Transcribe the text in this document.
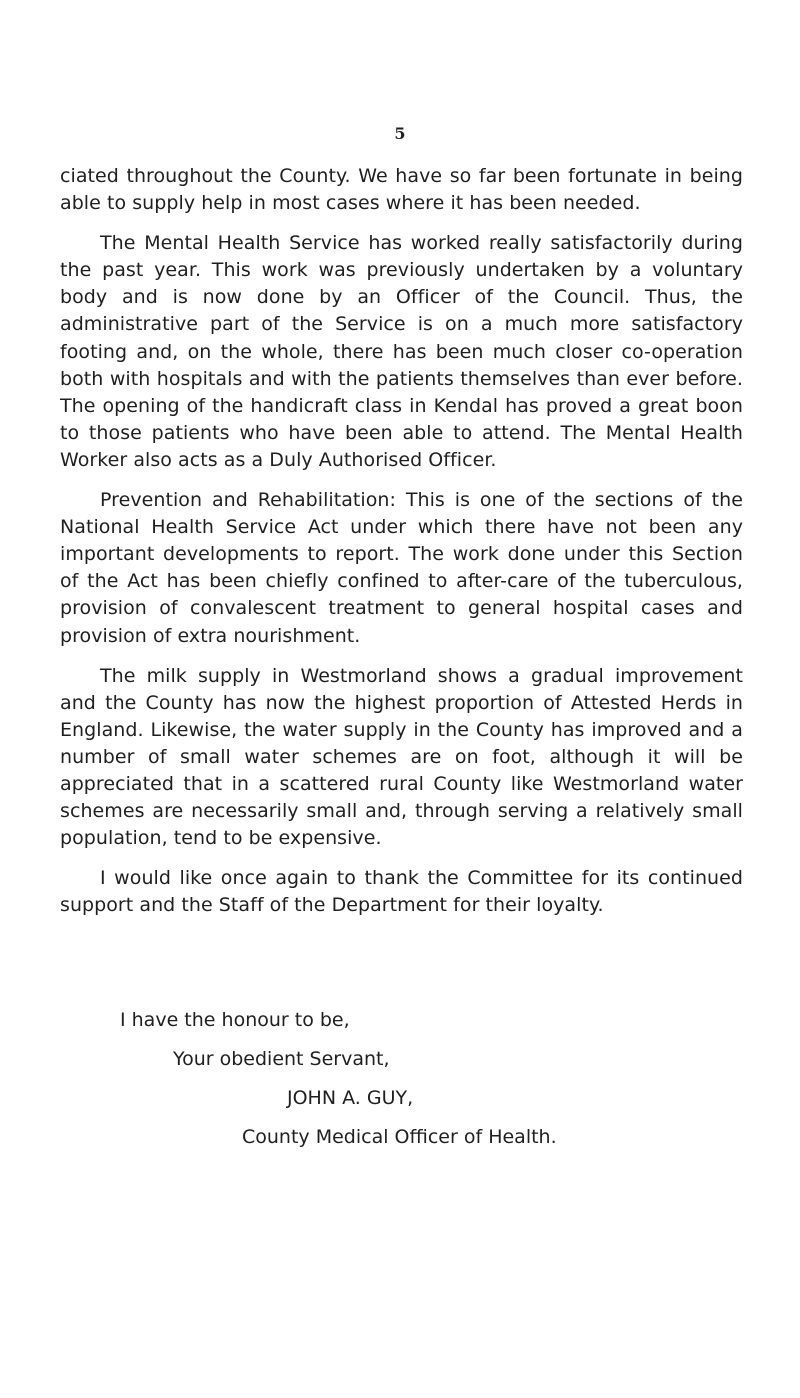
5

ciated throughout the County. We have so far been fortunate in being able to supply help in most cases where it has been needed.

The Mental Health Service has worked really satisfactorily during the past year. This work was previously undertaken by a voluntary body and is now done by an Officer of the Council. Thus, the administrative part of the Service is on a much more satisfactory footing and, on the whole, there has been much closer co-operation both with hospitals and with the patients themselves than ever before. The opening of the handicraft class in Kendal has proved a great boon to those patients who have been able to attend. The Mental Health Worker also acts as a Duly Authorised Officer.

Prevention and Rehabilitation: This is one of the sections of the National Health Service Act under which there have not been any important developments to report. The work done under this Section of the Act has been chiefly confined to after-care of the tuberculous, provision of convalescent treatment to general hospital cases and provision of extra nourishment.

The milk supply in Westmorland shows a gradual improvement and the County has now the highest proportion of Attested Herds in England. Likewise, the water supply in the County has improved and a number of small water schemes are on foot, although it will be appreciated that in a scattered rural County like Westmorland water schemes are necessarily small and, through serving a relatively small population, tend to be expensive.

I would like once again to thank the Committee for its continued support and the Staff of the Department for their loyalty.

I have the honour to be,
Your obedient Servant,
JOHN A. GUY,
County Medical Officer of Health.
